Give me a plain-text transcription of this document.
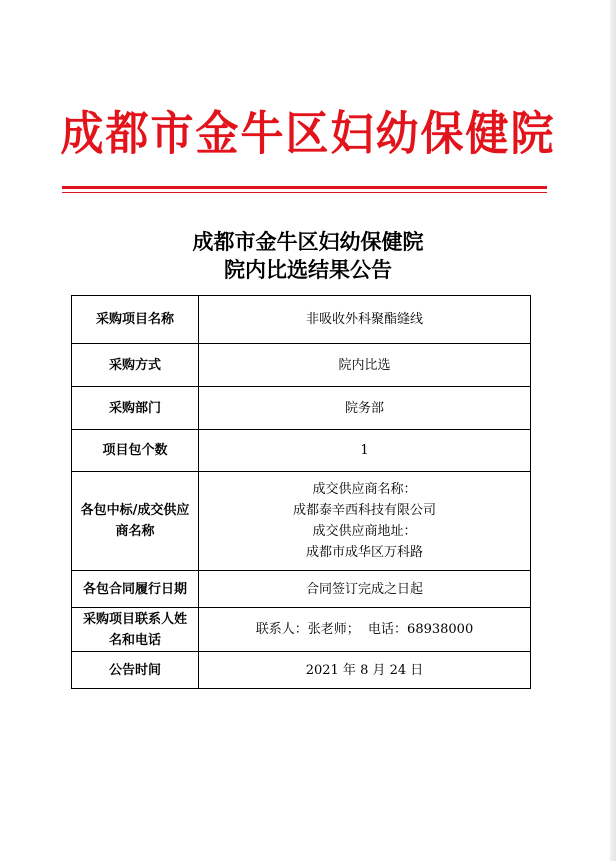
成都市金牛区妇幼保健院
成都市金牛区妇幼保健院
院内比选结果公告
采购项目名称	非吸收外科聚酯缝线
采购方式	院内比选
采购部门	院务部
项目包个数	1

各包中标/成交供应
商名称	成交供应商名称：
成都泰辛西科技有限公司
成交供应商地址：
成都市成华区万科路

各包合同履行日期	合同签订完成之日起

采购项目联系人姓
名和电话	联系人：张老师；  电话：68938000
公告时间	2021 年 8 月 24 日
